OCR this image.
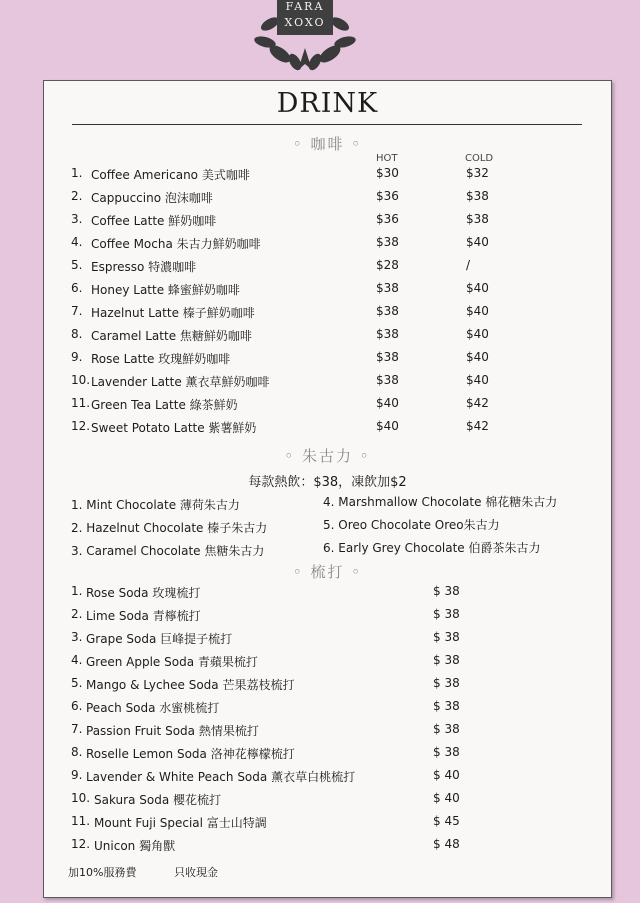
FARA
XOXO
DRINK
◦ 咖啡 ◦
HOT	COLD
1. Coffee Americano 美式咖啡	$30	$32
2. Cappuccino 泡沫咖啡	$36	$38
3. Coffee Latte 鮮奶咖啡	$36	$38
4. Coffee Mocha 朱古力鮮奶咖啡	$38	$40
5. Espresso 特濃咖啡	$28	/
6. Honey Latte 蜂蜜鮮奶咖啡	$38	$40
7. Hazelnut Latte 榛子鮮奶咖啡	$38	$40
8. Caramel Latte 焦糖鮮奶咖啡	$38	$40
9. Rose Latte 玫瑰鮮奶咖啡	$38	$40
10. Lavender Latte 薰衣草鮮奶咖啡	$38	$40
11. Green Tea Latte 綠茶鮮奶	$40	$42
12. Sweet Potato Latte 紫薯鮮奶	$40	$42
◦ 朱古力 ◦
每款熱飲：$38，凍飲加$2
1. Mint Chocolate 薄荷朱古力
2. Hazelnut Chocolate 榛子朱古力
3. Caramel Chocolate 焦糖朱古力
4. Marshmallow Chocolate 棉花糖朱古力
5. Oreo Chocolate Oreo朱古力
6. Early Grey Chocolate 伯爵茶朱古力
◦ 梳打 ◦
1. Rose Soda 玫瑰梳打	$ 38
2. Lime Soda 青檸梳打	$ 38
3. Grape Soda 巨峰提子梳打	$ 38
4. Green Apple Soda 青蘋果梳打	$ 38
5. Mango & Lychee Soda 芒果荔枝梳打	$ 38
6. Peach Soda 水蜜桃梳打	$ 38
7. Passion Fruit Soda 熱情果梳打	$ 38
8. Roselle Lemon Soda 洛神花檸檬梳打	$ 38
9. Lavender & White Peach Soda 薰衣草白桃梳打	$ 40
10. Sakura Soda 櫻花梳打	$ 40
11. Mount Fuji Special 富士山特調	$ 45
12. Unicon 獨角獸	$ 48
加10%服務費	只收現金
